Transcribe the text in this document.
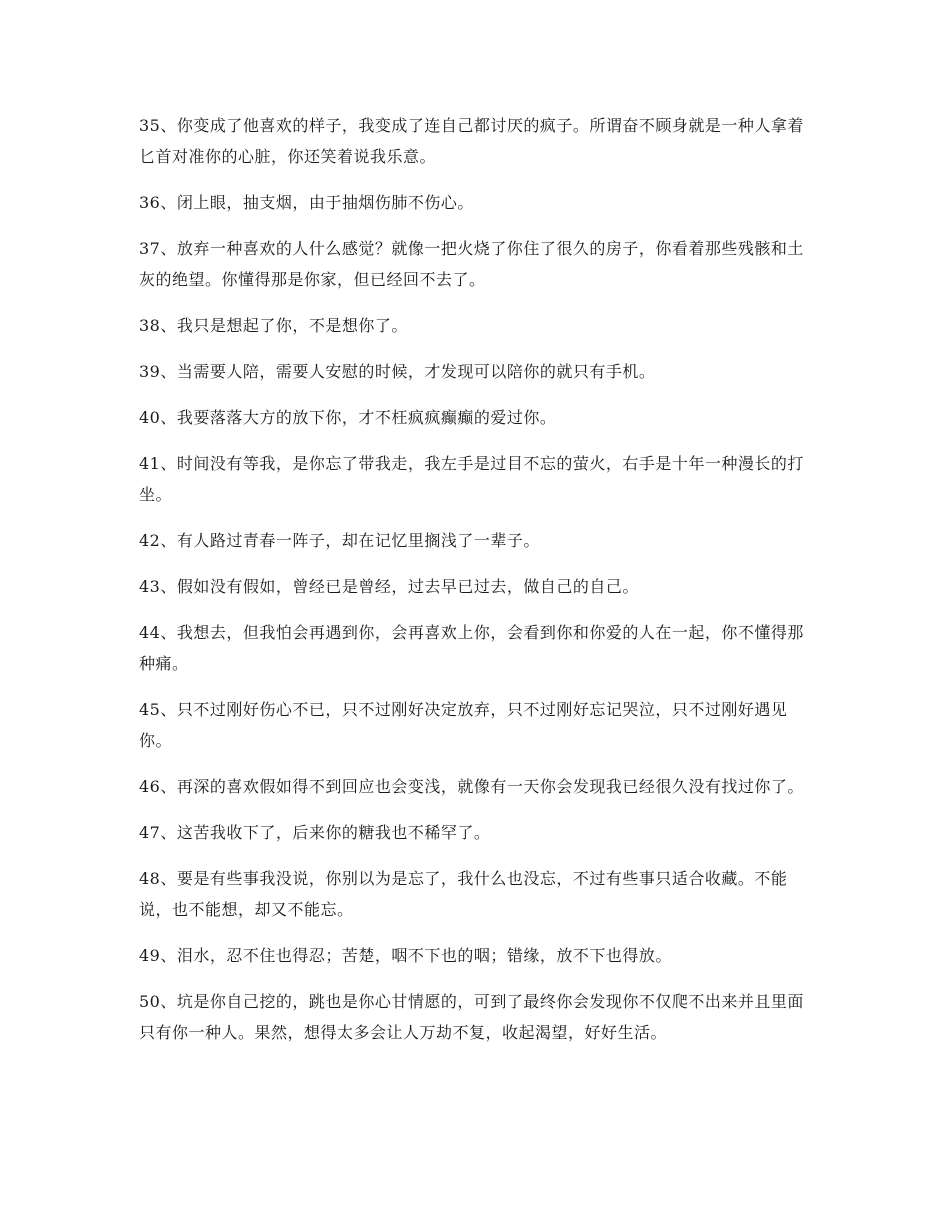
35、你变成了他喜欢的样子，我变成了连自己都讨厌的疯子。所谓奋不顾身就是一种人拿着匕首对准你的心脏，你还笑着说我乐意。

36、闭上眼，抽支烟，由于抽烟伤肺不伤心。

37、放弃一种喜欢的人什么感觉？就像一把火烧了你住了很久的房子，你看着那些残骸和土灰的绝望。你懂得那是你家，但已经回不去了。

38、我只是想起了你，不是想你了。

39、当需要人陪，需要人安慰的时候，才发现可以陪你的就只有手机。

40、我要落落大方的放下你，才不枉疯疯癫癫的爱过你。

41、时间没有等我，是你忘了带我走，我左手是过目不忘的萤火，右手是十年一种漫长的打坐。

42、有人路过青春一阵子，却在记忆里搁浅了一辈子。

43、假如没有假如，曾经已是曾经，过去早已过去，做自己的自己。

44、我想去，但我怕会再遇到你，会再喜欢上你，会看到你和你爱的人在一起，你不懂得那种痛。

45、只不过刚好伤心不已，只不过刚好决定放弃，只不过刚好忘记哭泣，只不过刚好遇见你。

46、再深的喜欢假如得不到回应也会变浅，就像有一天你会发现我已经很久没有找过你了。

47、这苦我收下了，后来你的糖我也不稀罕了。

48、要是有些事我没说，你别以为是忘了，我什么也没忘，不过有些事只适合收藏。不能说，也不能想，却又不能忘。

49、泪水，忍不住也得忍；苦楚，咽不下也的咽；错缘，放不下也得放。

50、坑是你自己挖的，跳也是你心甘情愿的，可到了最终你会发现你不仅爬不出来并且里面只有你一种人。果然，想得太多会让人万劫不复，收起渴望，好好生活。
